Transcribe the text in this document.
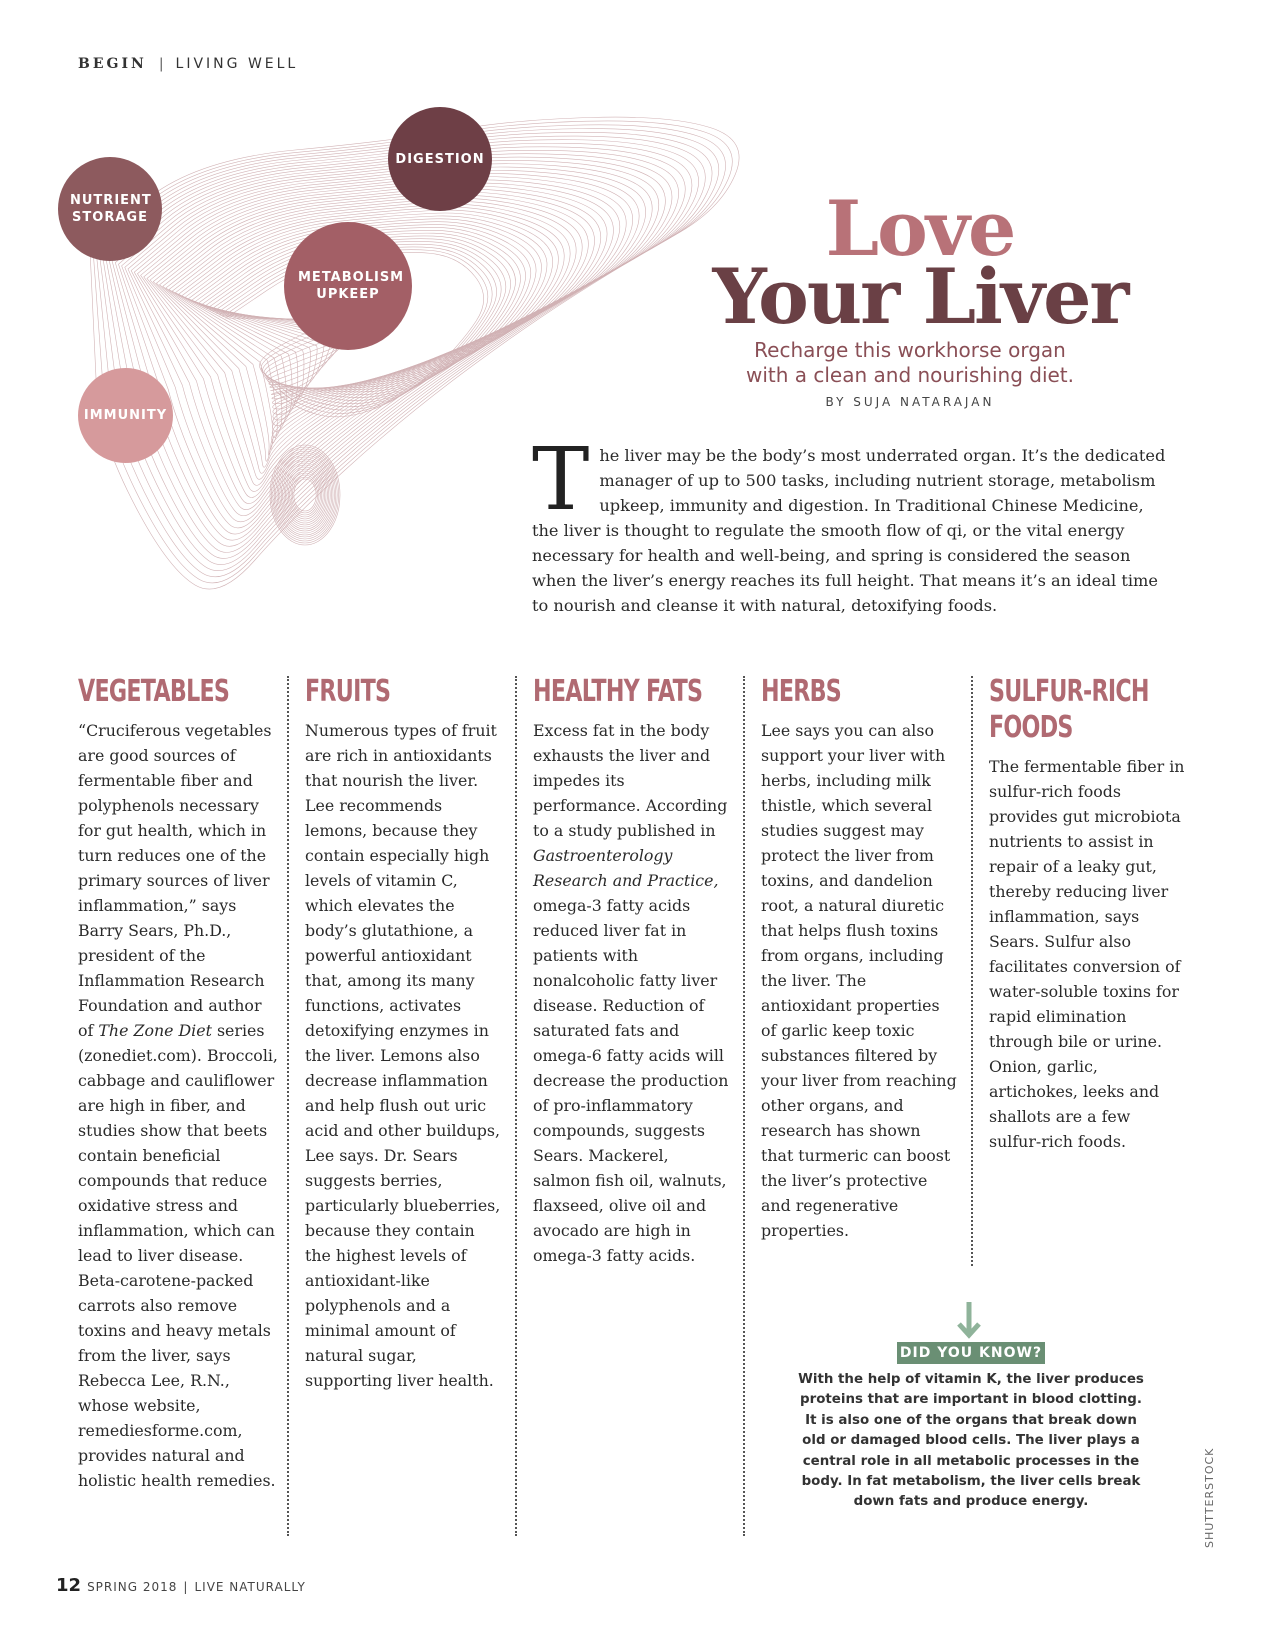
BEGIN | LIVING WELL
DIGESTION
NUTRIENT STORAGE
METABOLISM UPKEEP
IMMUNITY
Love
Your Liver
Recharge this workhorse organ
with a clean and nourishing diet.
BY SUJA NATARAJAN
The liver may be the body’s most underrated organ. It’s the dedicated manager of up to 500 tasks, including nutrient storage, metabolism upkeep, immunity and digestion. In Traditional Chinese Medicine, the liver is thought to regulate the smooth flow of qi, or the vital energy necessary for health and well-being, and spring is considered the season when the liver’s energy reaches its full height. That means it’s an ideal time to nourish and cleanse it with natural, detoxifying foods.
VEGETABLES

“Cruciferous vegetables are good sources of fermentable fiber and polyphenols necessary for gut health, which in turn reduces one of the primary sources of liver inflammation,” says Barry Sears, Ph.D., president of the Inflammation Research Foundation and author of The Zone Diet series (zonediet.com). Broccoli, cabbage and cauliflower are high in fiber, and studies show that beets contain beneficial compounds that reduce oxidative stress and inflammation, which can lead to liver disease. Beta-carotene-packed carrots also remove toxins and heavy metals from the liver, says Rebecca Lee, R.N., whose website, remediesforme.com, provides natural and holistic health remedies.

FRUITS

Numerous types of fruit are rich in antioxidants that nourish the liver. Lee recommends lemons, because they contain especially high levels of vitamin C, which elevates the body’s glutathione, a powerful antioxidant that, among its many functions, activates detoxifying enzymes in the liver. Lemons also decrease inflammation and help flush out uric acid and other buildups, Lee says. Dr. Sears suggests berries, particularly blueberries, because they contain the highest levels of antioxidant-like polyphenols and a minimal amount of natural sugar, supporting liver health.

HEALTHY FATS

Excess fat in the body exhausts the liver and impedes its performance. According to a study published in Gastroenterology Research and Practice, omega-3 fatty acids reduced liver fat in patients with nonalcoholic fatty liver disease. Reduction of saturated fats and omega-6 fatty acids will decrease the production of pro-inflammatory compounds, suggests Sears. Mackerel, salmon fish oil, walnuts, flaxseed, olive oil and avocado are high in omega-3 fatty acids.

HERBS

Lee says you can also support your liver with herbs, including milk thistle, which several studies suggest may protect the liver from toxins, and dandelion root, a natural diuretic that helps flush toxins from organs, including the liver. The antioxidant properties of garlic keep toxic substances filtered by your liver from reaching other organs, and research has shown that turmeric can boost the liver’s protective and regenerative properties.

SULFUR-RICH
FOODS

The fermentable fiber in sulfur-rich foods provides gut microbiota nutrients to assist in repair of a leaky gut, thereby reducing liver inflammation, says Sears. Sulfur also facilitates conversion of water-soluble toxins for rapid elimination through bile or urine. Onion, garlic, artichokes, leeks and shallots are a few sulfur-rich foods.

DID YOU KNOW?
With the help of vitamin K, the liver produces proteins that are important in blood clotting. It is also one of the organs that break down old or damaged blood cells. The liver plays a central role in all metabolic processes in the body. In fat metabolism, the liver cells break down fats and produce energy.	SHUTTERSTOCK
12 SPRING 2018 | LIVE NATURALLY
